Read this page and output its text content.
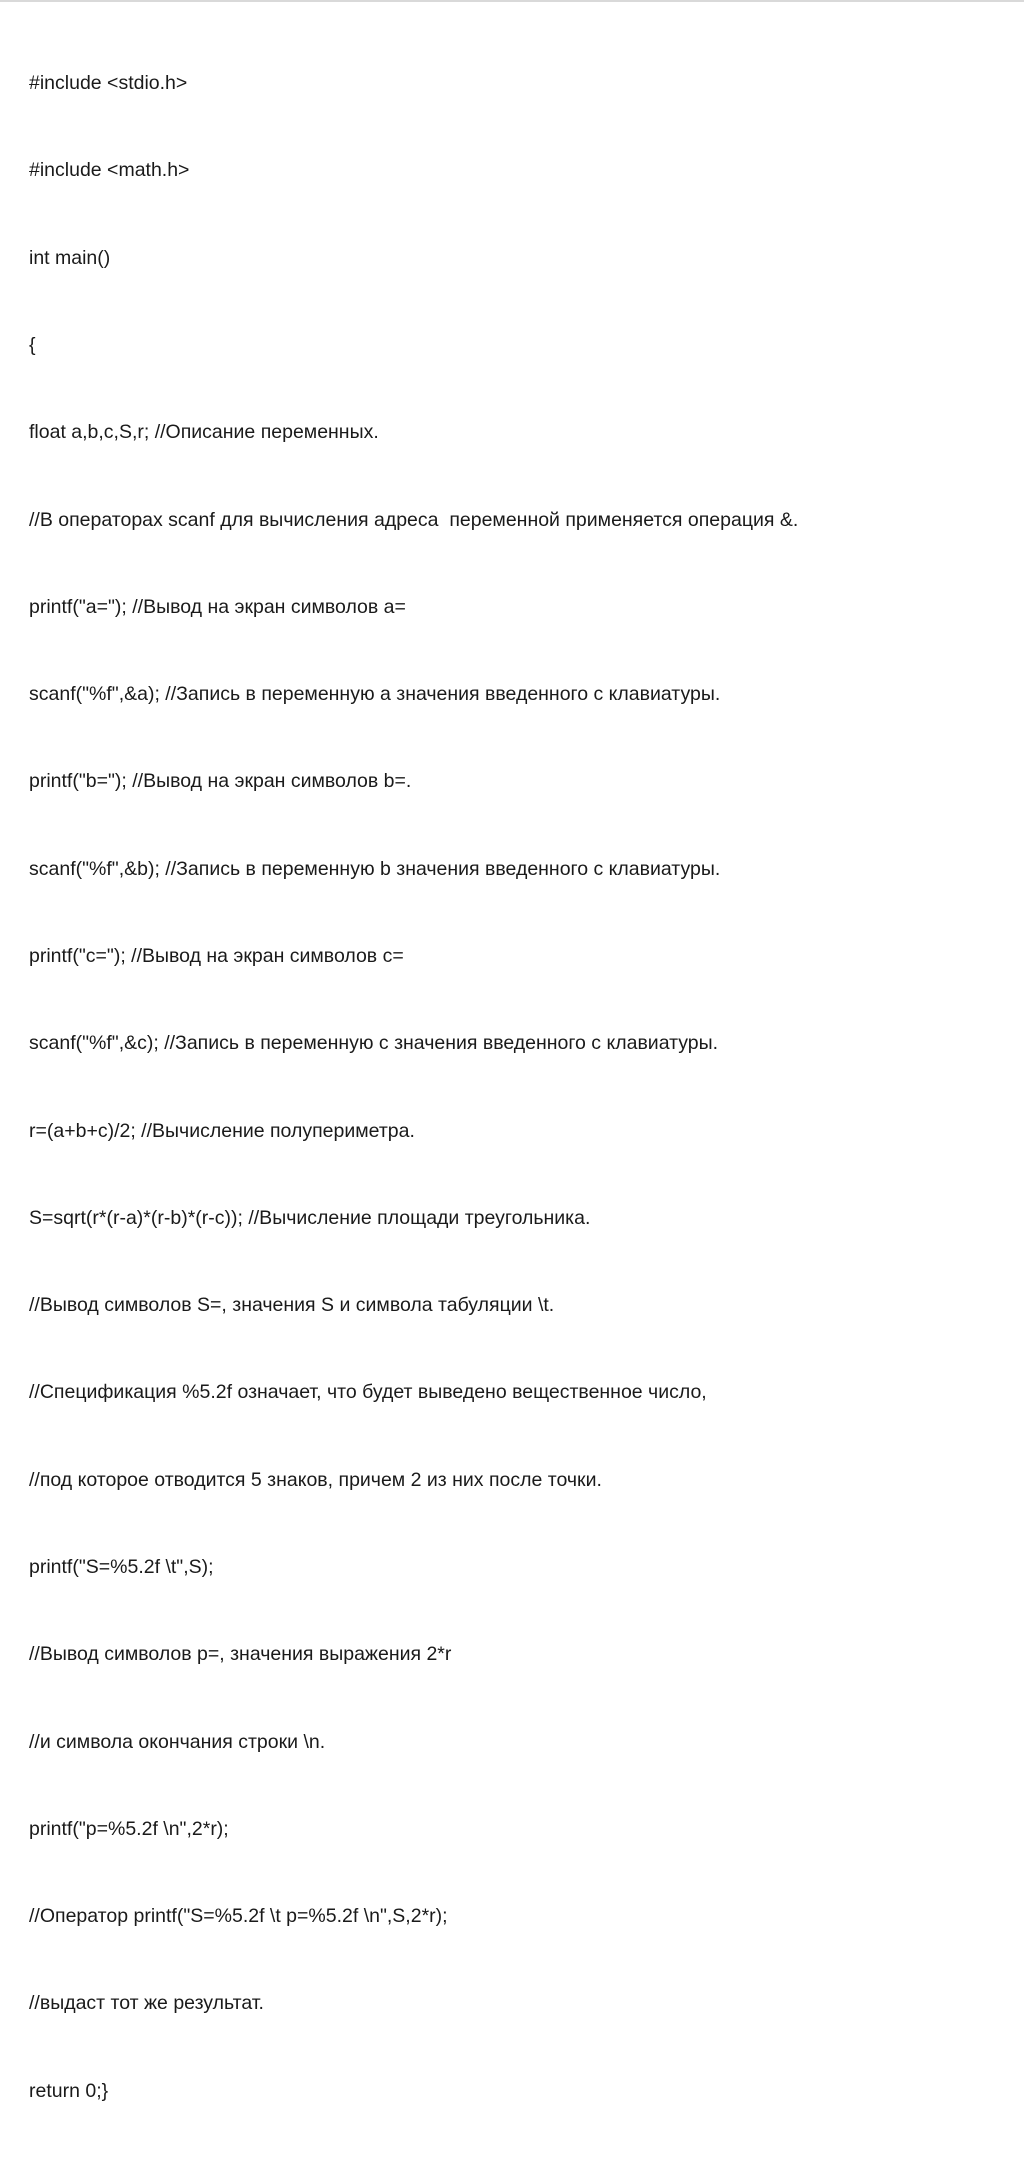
#include <stdio.h>

#include <math.h>

int main()

{

float a,b,c,S,r; //Описание переменных.

//В операторах scanf для вычисления адреса  переменной применяется операция &.

printf("a="); //Вывод на экран символов a=

scanf("%f",&a); //Запись в переменную a значения введенного с клавиатуры.

printf("b="); //Вывод на экран символов b=.

scanf("%f",&b); //Запись в переменную b значения введенного с клавиатуры.

printf("c="); //Вывод на экран символов c=

scanf("%f",&c); //Запись в переменную c значения введенного с клавиатуры.

r=(a+b+c)/2; //Вычисление полупериметра.

S=sqrt(r*(r-a)*(r-b)*(r-c)); //Вычисление площади треугольника.

//Вывод символов S=, значения S и символа табуляции \t.

//Спецификация %5.2f означает, что будет выведено вещественное число,

//под которое отводится 5 знаков, причем 2 из них после точки.

printf("S=%5.2f \t",S);

//Вывод символов p=, значения выражения 2*r

//и символа окончания строки \n.

printf("p=%5.2f \n",2*r);

//Оператор printf("S=%5.2f \t p=%5.2f \n",S,2*r);

//выдаст тот же результат.

return 0;}
